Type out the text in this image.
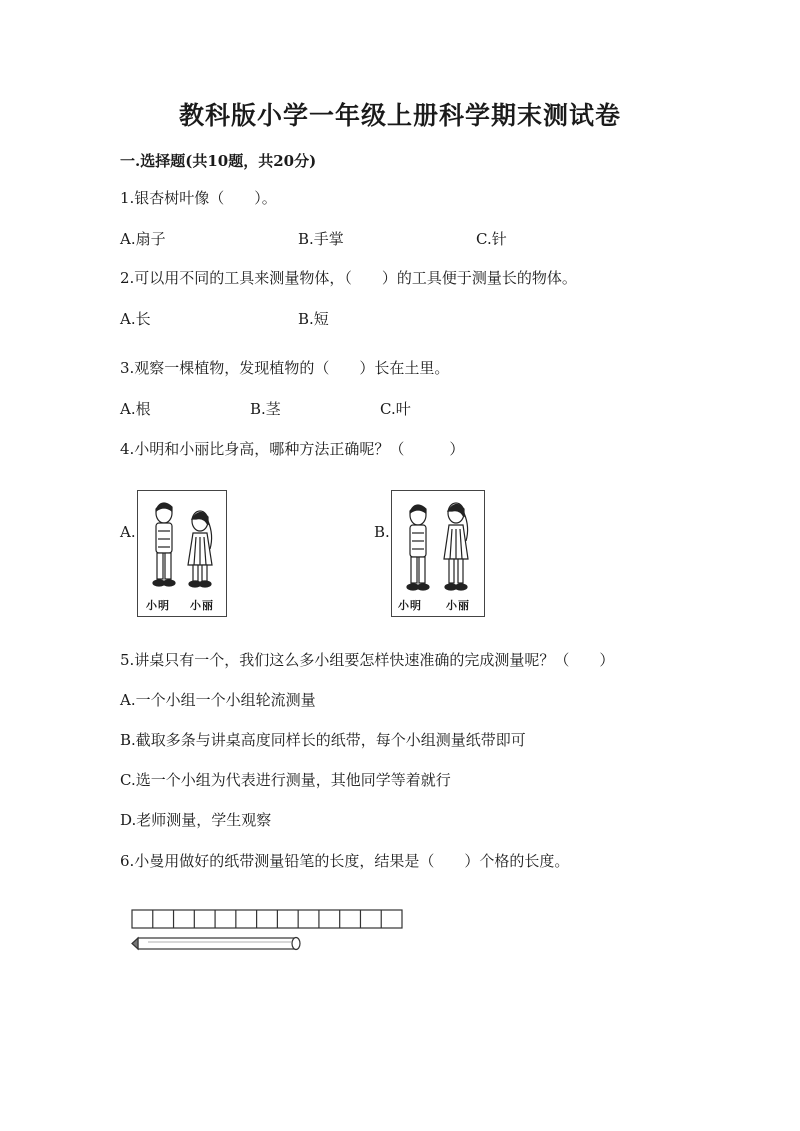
教科版小学一年级上册科学期末测试卷
一.选择题(共10题，共20分)
1.银杏树叶像（　　）。
A.扇子	B.手掌	C.针
2.可以用不同的工具来测量物体，（　　）的工具便于测量长的物体。
A.长	B.短
3.观察一棵植物，发现植物的（　　）长在土里。
A.根	B.茎	C.叶
4.小明和小丽比身高，哪种方法正确呢？（　　　）
A.	B.
小明 小丽	小明 小丽
5.讲桌只有一个，我们这么多小组要怎样快速准确的完成测量呢？（　　）
A.一个小组一个小组轮流测量
B.截取多条与讲桌高度同样长的纸带，每个小组测量纸带即可
C.选一个小组为代表进行测量，其他同学等着就行
D.老师测量，学生观察
6.小曼用做好的纸带测量铅笔的长度，结果是（　　）个格的长度。
